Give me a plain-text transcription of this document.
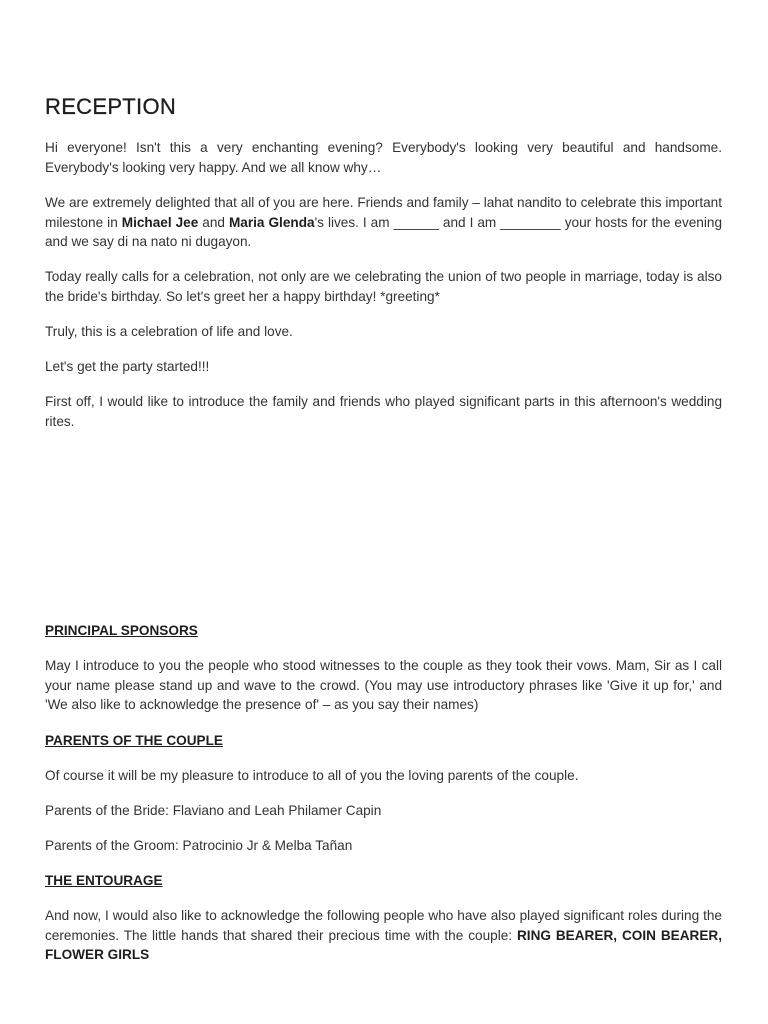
RECEPTION

Hi everyone! Isn't this a very enchanting evening? Everybody's looking very beautiful and handsome. Everybody's looking very happy. And we all know why…

We are extremely delighted that all of you are here. Friends and family – lahat nandito to celebrate this important milestone in Michael Jee and Maria Glenda's lives. I am ______ and I am ________ your hosts for the evening and we say di na nato ni dugayon.

Today really calls for a celebration, not only are we celebrating the union of two people in marriage, today is also the bride's birthday. So let's greet her a happy birthday! *greeting*

Truly, this is a celebration of life and love.

Let's get the party started!!!

First off, I would like to introduce the family and friends who played significant parts in this afternoon's wedding rites.

PRINCIPAL SPONSORS

May I introduce to you the people who stood witnesses to the couple as they took their vows. Mam, Sir as I call your name please stand up and wave to the crowd. (You may use introductory phrases like 'Give it up for,' and 'We also like to acknowledge the presence of' – as you say their names)

PARENTS OF THE COUPLE

Of course it will be my pleasure to introduce to all of you the loving parents of the couple.

Parents of the Bride: Flaviano and Leah Philamer Capin

Parents of the Groom: Patrocinio Jr & Melba Tañan

THE ENTOURAGE

And now, I would also like to acknowledge the following people who have also played significant roles during the ceremonies. The little hands that shared their precious time with the couple: RING BEARER, COIN BEARER, FLOWER GIRLS
